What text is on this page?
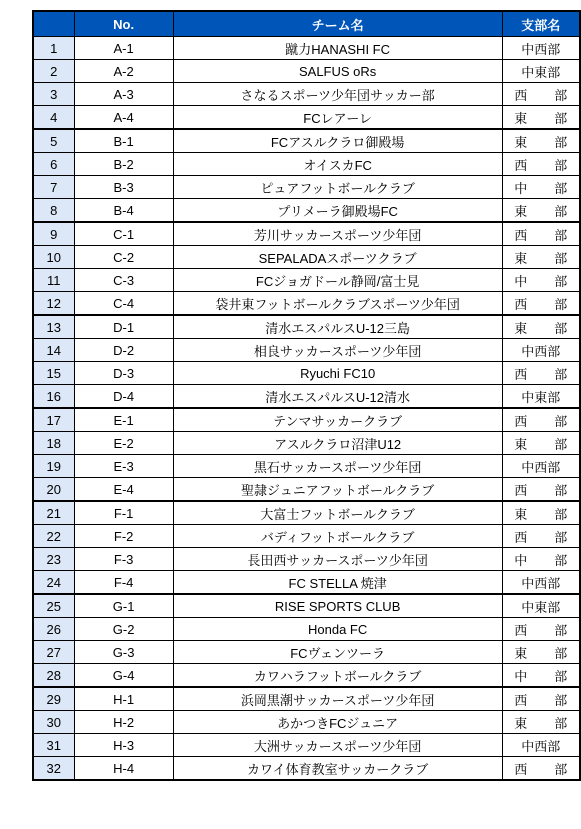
	No.	チーム名	支部名
1	A-1	蹴力HANASHI FC	中西部
2	A-2	SALFUS oRs	中東部
3	A-3	さなるスポーツ少年団サッカー部	西 部
4	A-4	FCレアーレ	東 部
5	B-1	FCアスルクラロ御殿場	東 部
6	B-2	オイスカFC	西 部
7	B-3	ピュアフットボールクラブ	中 部
8	B-4	プリメーラ御殿場FC	東 部
9	C-1	芳川サッカースポーツ少年団	西 部
10	C-2	SEPALADAスポーツクラブ	東 部
11	C-3	FCジョガドール静岡/富士見	中 部
12	C-4	袋井東フットボールクラブスポーツ少年団	西 部
13	D-1	清水エスパルスU-12三島	東 部
14	D-2	相良サッカースポーツ少年団	中西部
15	D-3	Ryuchi FC10	西 部
16	D-4	清水エスパルスU-12清水	中東部
17	E-1	テンマサッカークラブ	西 部
18	E-2	アスルクラロ沼津U12	東 部
19	E-3	黒石サッカースポーツ少年団	中西部
20	E-4	聖隷ジュニアフットボールクラブ	西 部
21	F-1	大富士フットボールクラブ	東 部
22	F-2	バディフットボールクラブ	西 部
23	F-3	長田西サッカースポーツ少年団	中 部
24	F-4	FC STELLA 焼津	中西部
25	G-1	RISE SPORTS CLUB	中東部
26	G-2	Honda FC	西 部
27	G-3	FCヴェンツーラ	東 部
28	G-4	カワハラフットボールクラブ	中 部
29	H-1	浜岡黒潮サッカースポーツ少年団	西 部
30	H-2	あかつきFCジュニア	東 部
31	H-3	大洲サッカースポーツ少年団	中西部
32	H-4	カワイ体育教室サッカークラブ	西 部
